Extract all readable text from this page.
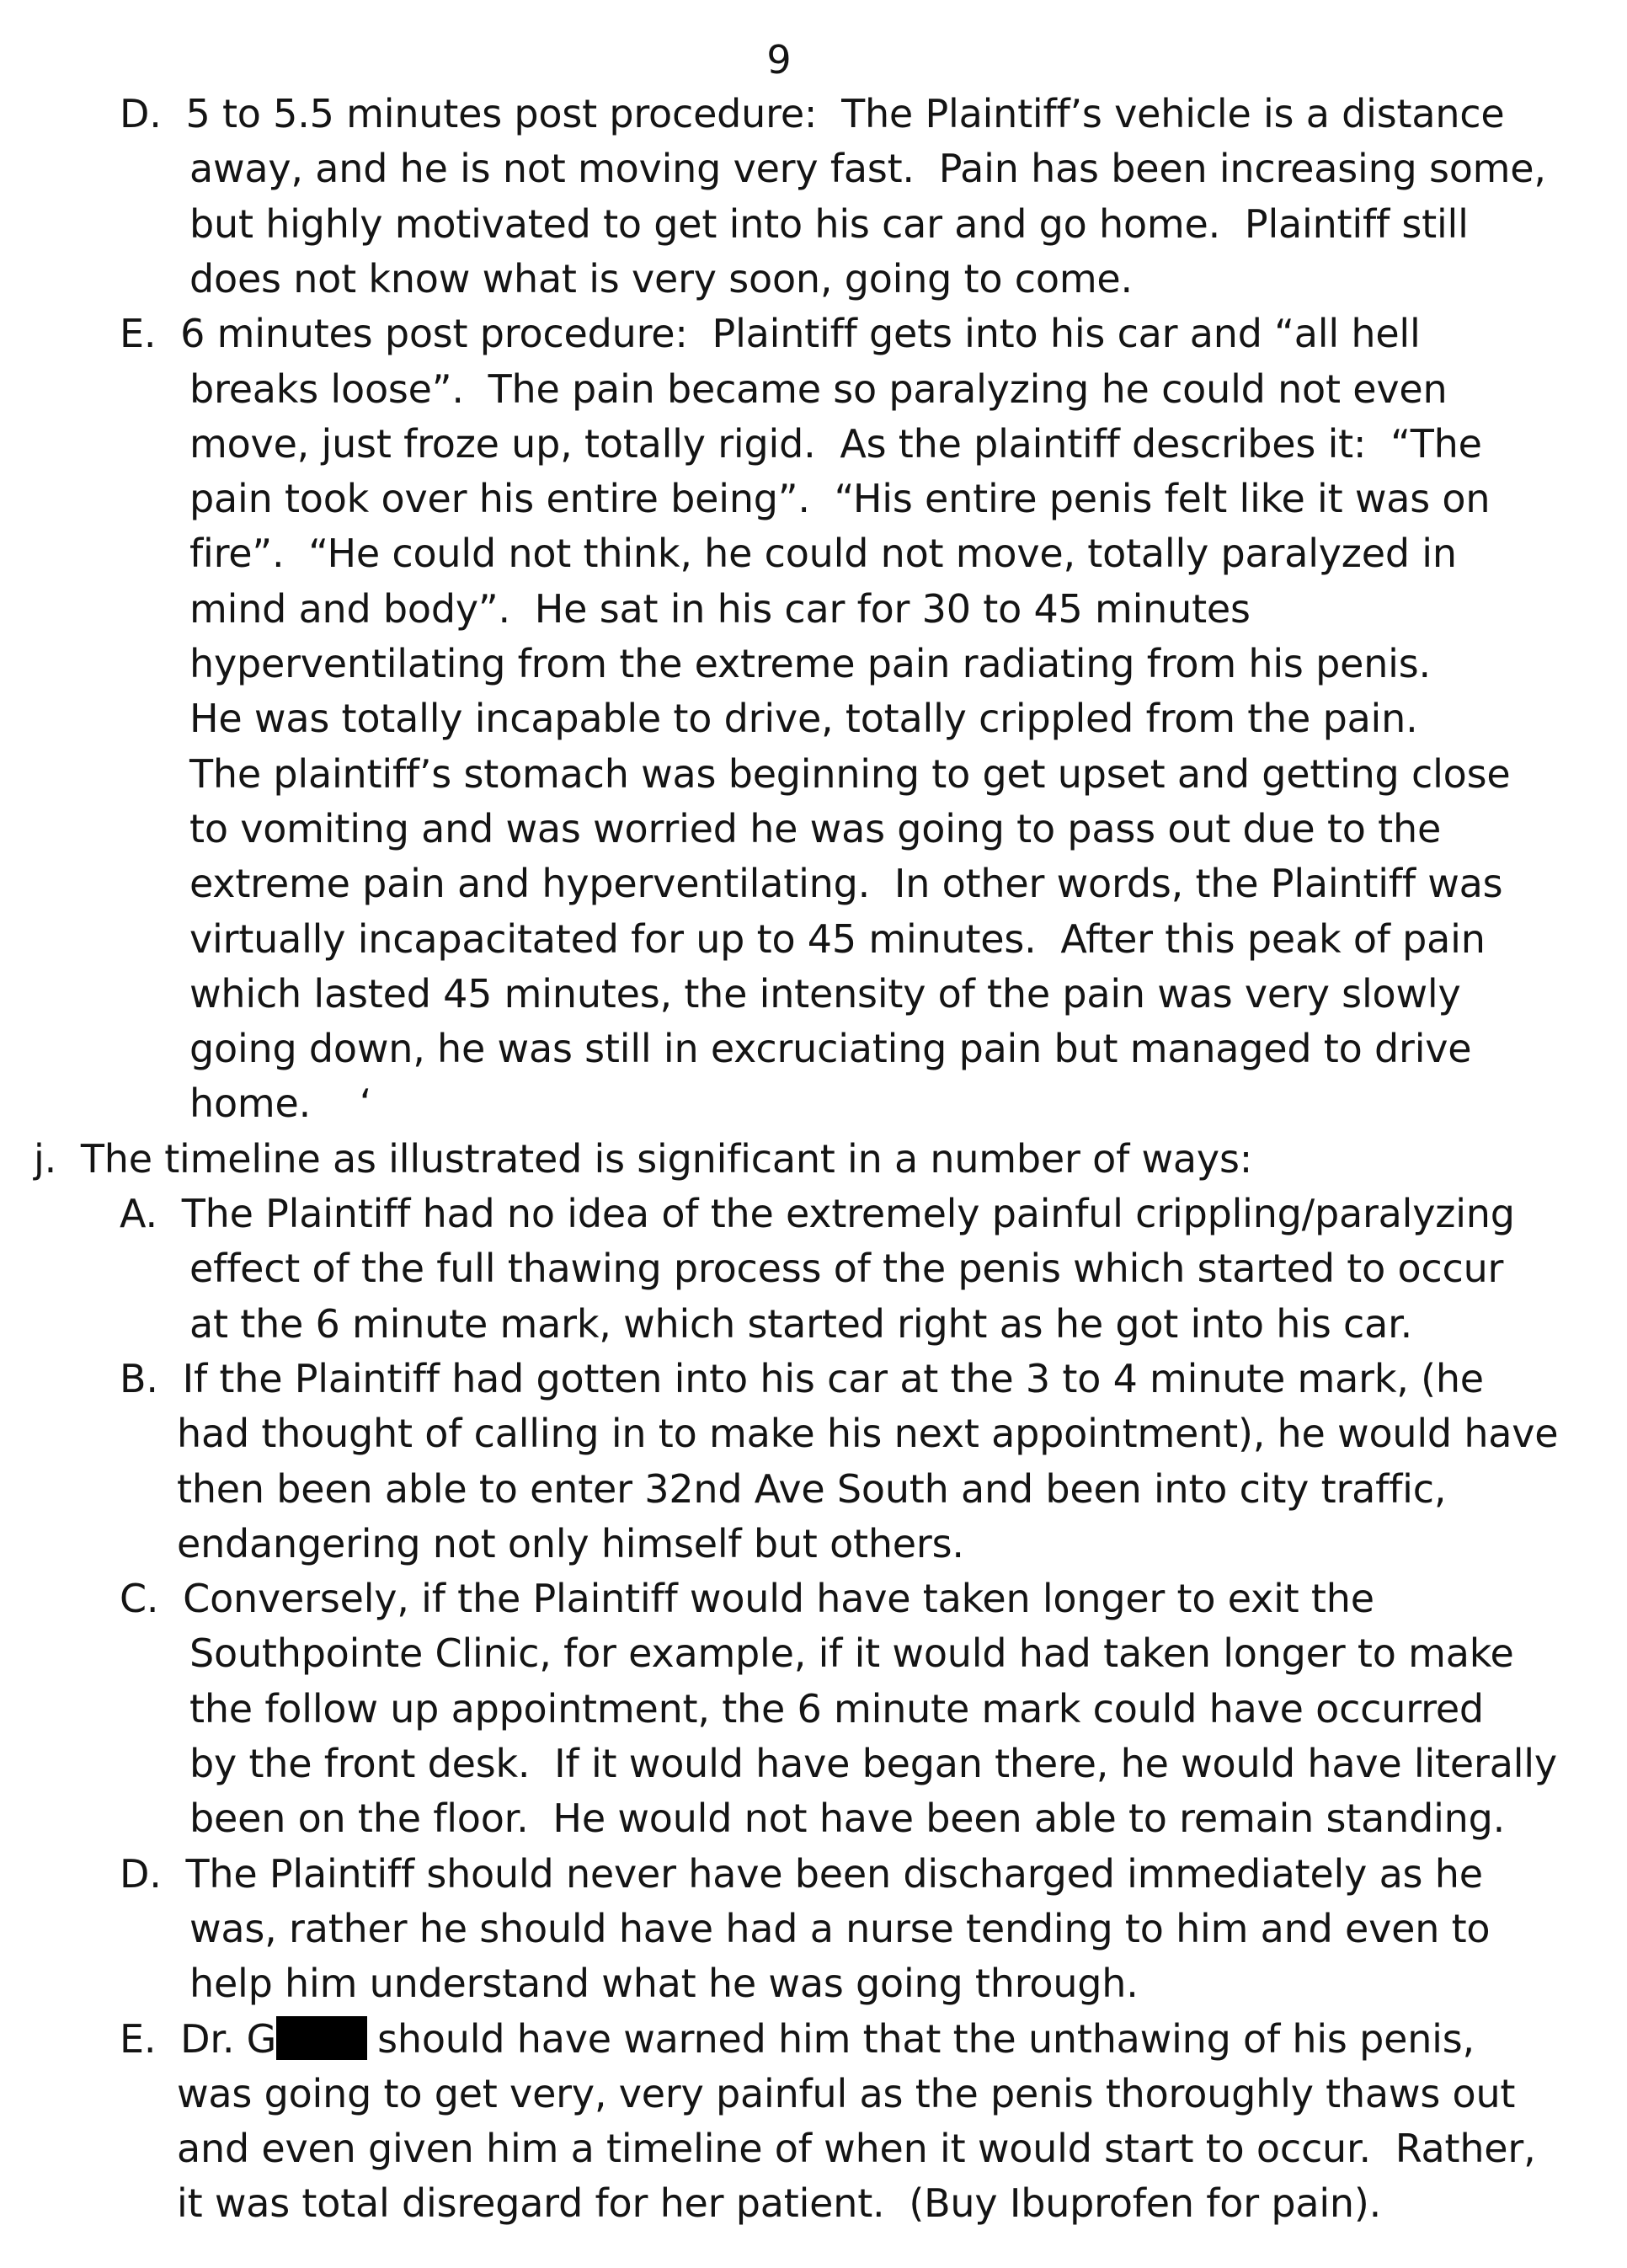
9
D.  5 to 5.5 minutes post procedure:  The Plaintiff’s vehicle is a distance
away, and he is not moving very fast.  Pain has been increasing some,
but highly motivated to get into his car and go home.  Plaintiff still
does not know what is very soon, going to come.
E.  6 minutes post procedure:  Plaintiff gets into his car and “all hell
breaks loose”.  The pain became so paralyzing he could not even
move, just froze up, totally rigid.  As the plaintiff describes it:  “The
pain took over his entire being”.  “His entire penis felt like it was on
fire”.  “He could not think, he could not move, totally paralyzed in
mind and body”.  He sat in his car for 30 to 45 minutes
hyperventilating from the extreme pain radiating from his penis.
He was totally incapable to drive, totally crippled from the pain.
The plaintiff’s stomach was beginning to get upset and getting close
to vomiting and was worried he was going to pass out due to the
extreme pain and hyperventilating.  In other words, the Plaintiff was
virtually incapacitated for up to 45 minutes.  After this peak of pain
which lasted 45 minutes, the intensity of the pain was very slowly
going down, he was still in excruciating pain but managed to drive
home.    ‘
j.  The timeline as illustrated is significant in a number of ways:
A.  The Plaintiff had no idea of the extremely painful crippling/paralyzing
effect of the full thawing process of the penis which started to occur
at the 6 minute mark, which started right as he got into his car.
B.  If the Plaintiff had gotten into his car at the 3 to 4 minute mark, (he
had thought of calling in to make his next appointment), he would have
then been able to enter 32nd Ave South and been into city traffic,
endangering not only himself but others.
C.  Conversely, if the Plaintiff would have taken longer to exit the
Southpointe Clinic, for example, if it would had taken longer to make
the follow up appointment, the 6 minute mark could have occurred
by the front desk.  If it would have began there, he would have literally
been on the floor.  He would not have been able to remain standing.
D.  The Plaintiff should never have been discharged immediately as he
was, rather he should have had a nurse tending to him and even to
help him understand what he was going through.
E.  Dr. G	should have warned him that the unthawing of his penis,
was going to get very, very painful as the penis thoroughly thaws out
and even given him a timeline of when it would start to occur.  Rather,
it was total disregard for her patient.  (Buy Ibuprofen for pain).
